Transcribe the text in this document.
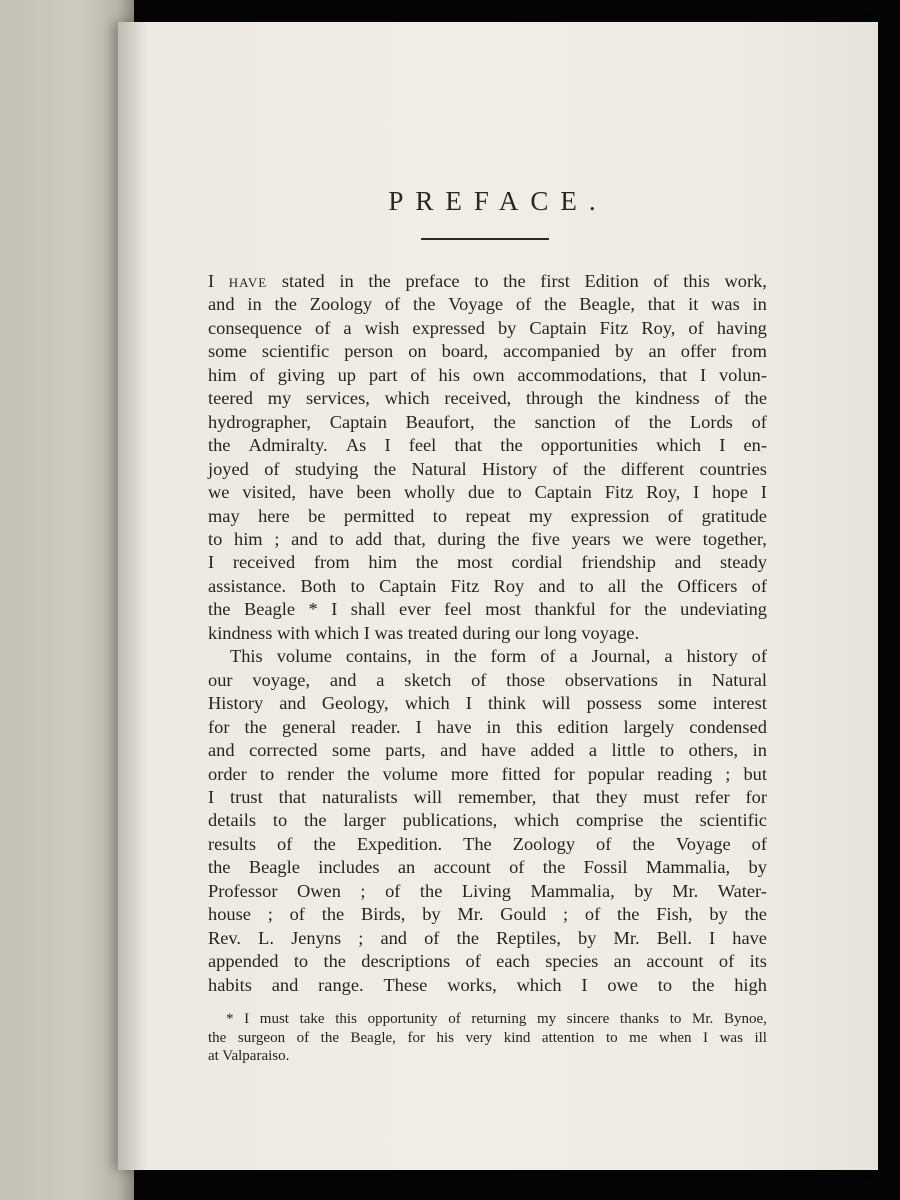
PREFACE.
I have stated in the preface to the first Edition of this work,
and in the Zoology of the Voyage of the Beagle, that it was in
consequence of a wish expressed by Captain Fitz Roy, of having
some scientific person on board, accompanied by an offer from
him of giving up part of his own accommodations, that I volun-
teered my services, which received, through the kindness of the
hydrographer, Captain Beaufort, the sanction of the Lords of
the Admiralty. As I feel that the opportunities which I en-
joyed of studying the Natural History of the different countries
we visited, have been wholly due to Captain Fitz Roy, I hope I
may here be permitted to repeat my expression of gratitude
to him ; and to add that, during the five years we were together,
I received from him the most cordial friendship and steady
assistance. Both to Captain Fitz Roy and to all the Officers of
the Beagle * I shall ever feel most thankful for the undeviating
kindness with which I was treated during our long voyage.
This volume contains, in the form of a Journal, a history of
our voyage, and a sketch of those observations in Natural
History and Geology, which I think will possess some interest
for the general reader. I have in this edition largely condensed
and corrected some parts, and have added a little to others, in
order to render the volume more fitted for popular reading ; but
I trust that naturalists will remember, that they must refer for
details to the larger publications, which comprise the scientific
results of the Expedition. The Zoology of the Voyage of
the Beagle includes an account of the Fossil Mammalia, by
Professor Owen ; of the Living Mammalia, by Mr. Water-
house ; of the Birds, by Mr. Gould ; of the Fish, by the
Rev. L. Jenyns ; and of the Reptiles, by Mr. Bell. I have
appended to the descriptions of each species an account of its
habits and range. These works, which I owe to the high
* I must take this opportunity of returning my sincere thanks to Mr. Bynoe,
the surgeon of the Beagle, for his very kind attention to me when I was ill
at Valparaiso.
